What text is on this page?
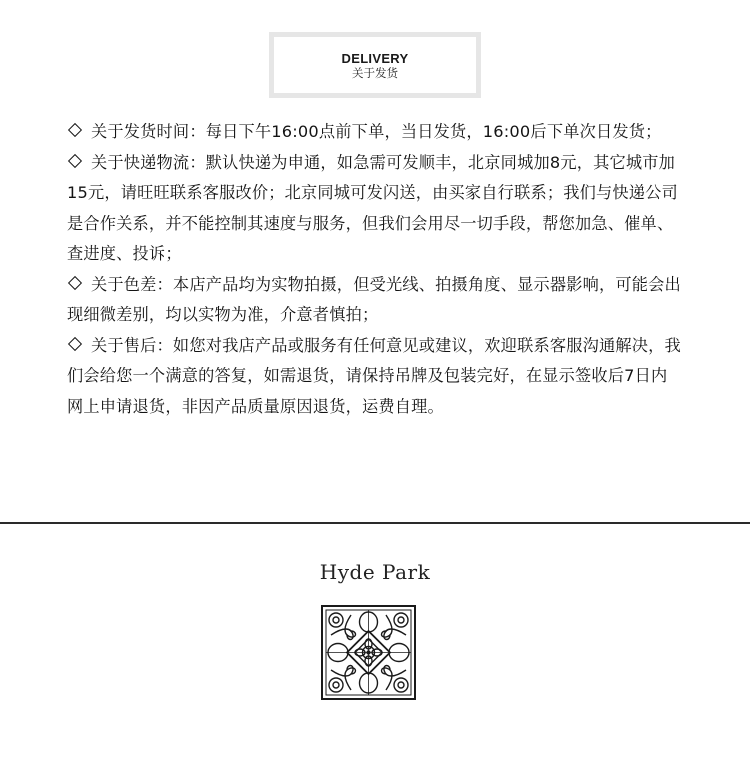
DELIVERY
关于发货

关于发货时间：每日下午16:00点前下单，当日发货，16:00后下单次日发货；

关于快递物流：默认快递为申通，如急需可发顺丰，北京同城加8元，其它城市加15元，请旺旺联系客服改价；北京同城可发闪送，由买家自行联系；我们与快递公司是合作关系，并不能控制其速度与服务，但我们会用尽一切手段，帮您加急、催单、查进度、投诉；

关于色差：本店产品均为实物拍摄，但受光线、拍摄角度、显示器影响，可能会出现细微差别，均以实物为准，介意者慎拍；

关于售后：如您对我店产品或服务有任何意见或建议，欢迎联系客服沟通解决，我们会给您一个满意的答复，如需退货，请保持吊牌及包装完好，在显示签收后7日内网上申请退货，非因产品质量原因退货，运费自理。

Hyde Park
